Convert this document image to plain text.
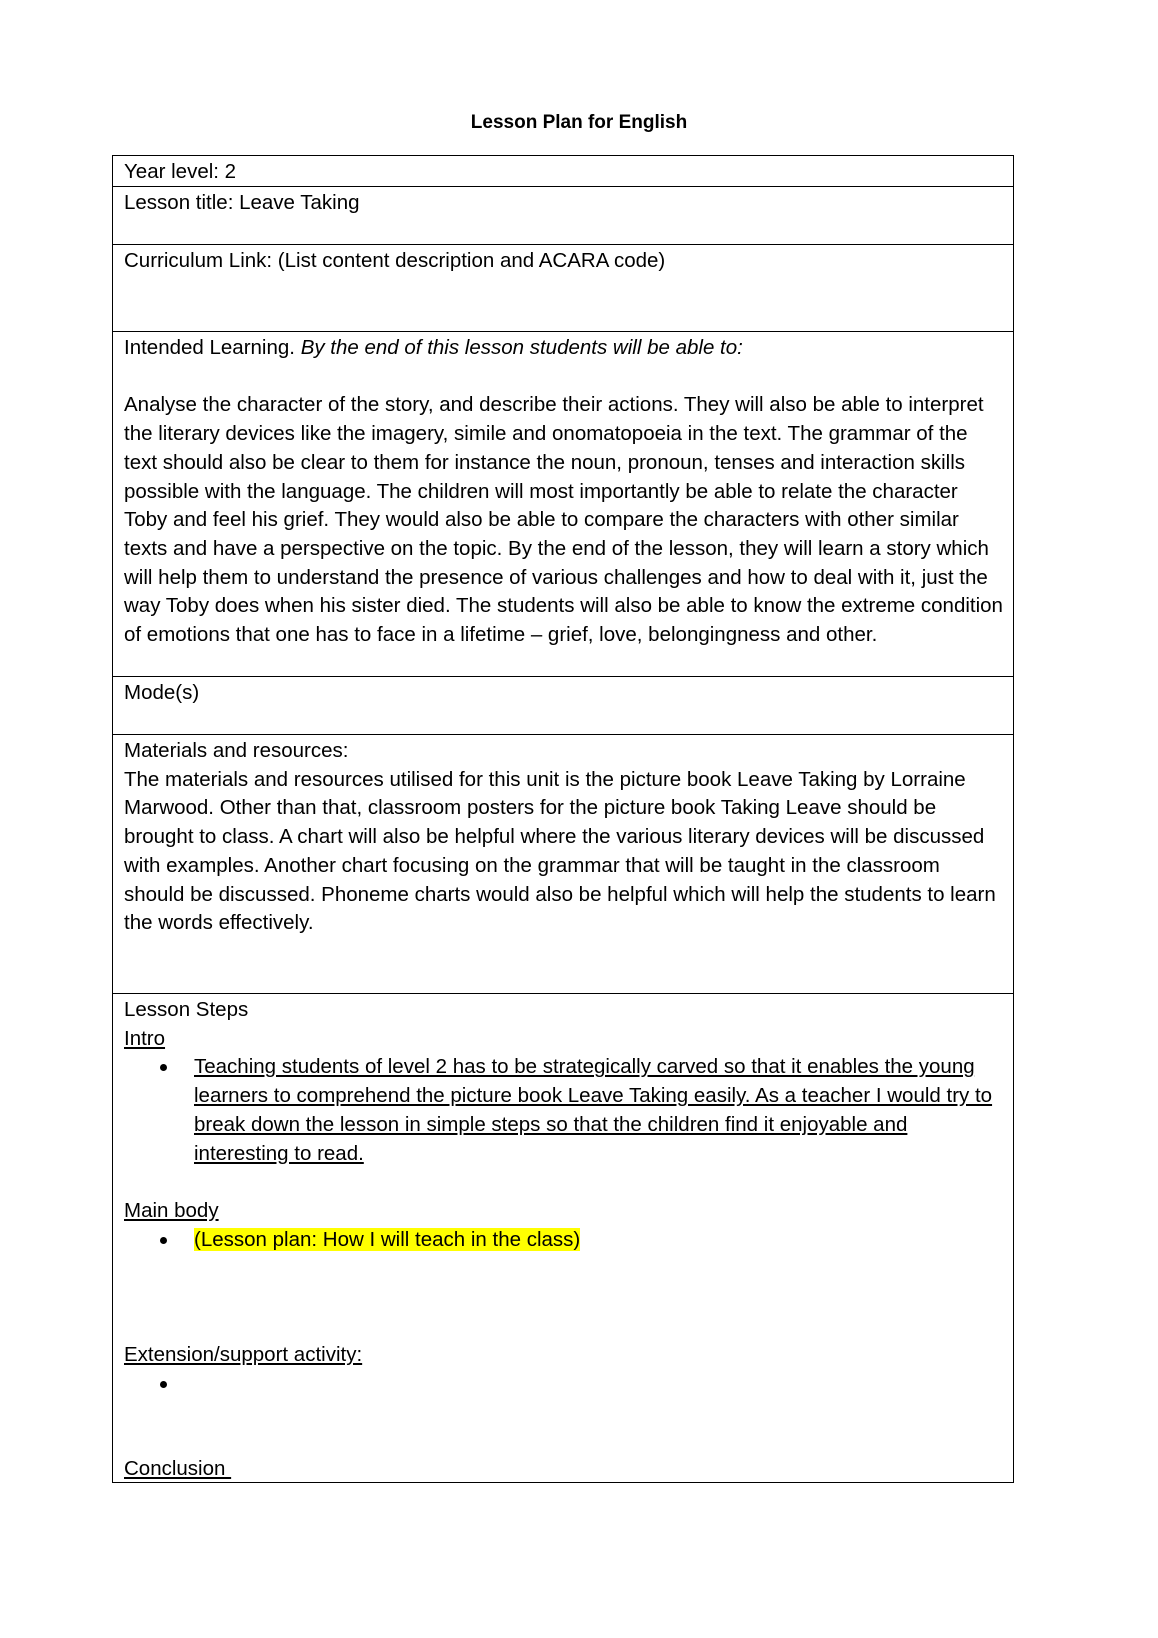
Lesson Plan for English
Year level: 2
Lesson title: Leave Taking
Curriculum Link: (List content description and ACARA code)
Intended Learning. By the end of this lesson students will be able to:
Analyse the character of the story, and describe their actions. They will also be able to interpret the literary devices like the imagery, simile and onomatopoeia in the text. The grammar of the text should also be clear to them for instance the noun, pronoun, tenses and interaction skills possible with the language. The children will most importantly be able to relate the character Toby and feel his grief. They would also be able to compare the characters with other similar texts and have a perspective on the topic. By the end of the lesson, they will learn a story which will help them to understand the presence of various challenges and how to deal with it, just the way Toby does when his sister died. The students will also be able to know the extreme condition of emotions that one has to face in a lifetime – grief, love, belongingness and other.
Mode(s)
Materials and resources:
The materials and resources utilised for this unit is the picture book Leave Taking by Lorraine Marwood. Other than that, classroom posters for the picture book Taking Leave should be brought to class. A chart will also be helpful where the various literary devices will be discussed with examples. Another chart focusing on the grammar that will be taught in the classroom should be discussed. Phoneme charts would also be helpful which will help the students to learn the words effectively.
Lesson Steps
Intro
Teaching students of level 2 has to be strategically carved so that it enables the young learners to comprehend the picture book Leave Taking easily. As a teacher I would try to break down the lesson in simple steps so that the children find it enjoyable and interesting to read.
Main body
(Lesson plan: How I will teach in the class)
Extension/support activity:
Conclusion
